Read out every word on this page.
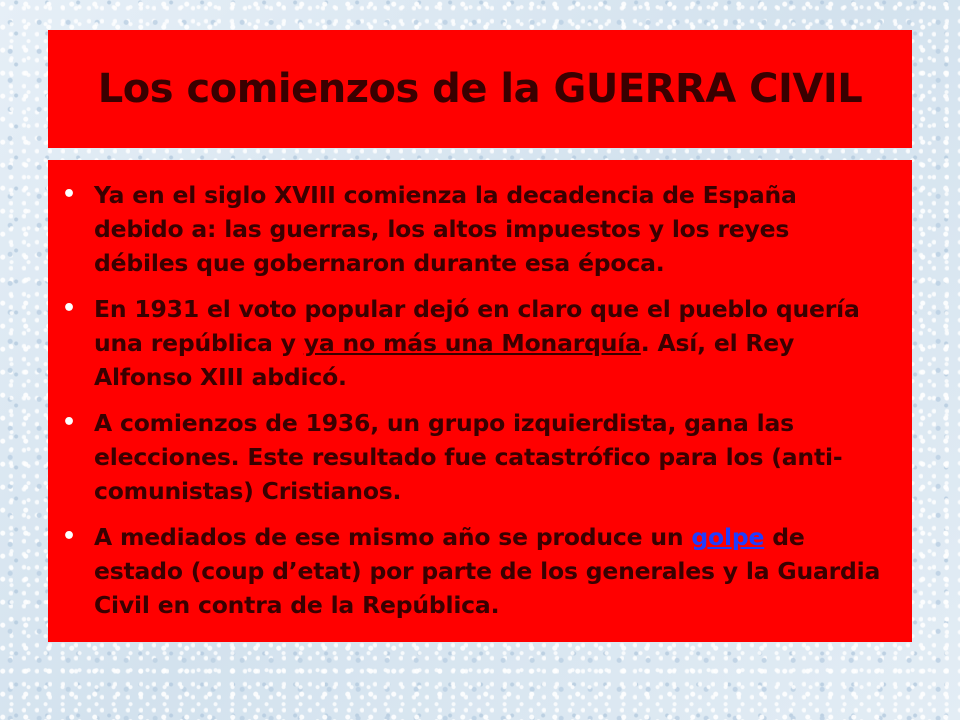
Los comienzos de la GUERRA CIVIL
• Ya en el siglo XVIII comienza la decadencia de España debido a: las guerras, los altos impuestos y los reyes débiles que gobernaron durante esa época.
• En 1931 el voto popular dejó en claro que el pueblo quería una república y ya no más una Monarquía. Así, el Rey Alfonso XIII abdicó.
• A comienzos de 1936, un grupo izquierdista, gana las elecciones. Este resultado fue catastrófico para los (anti-comunistas) Cristianos.
• A mediados de ese mismo año se produce un golpe de estado (coup d’etat) por parte de los generales y la Guardia Civil en contra de la República.
